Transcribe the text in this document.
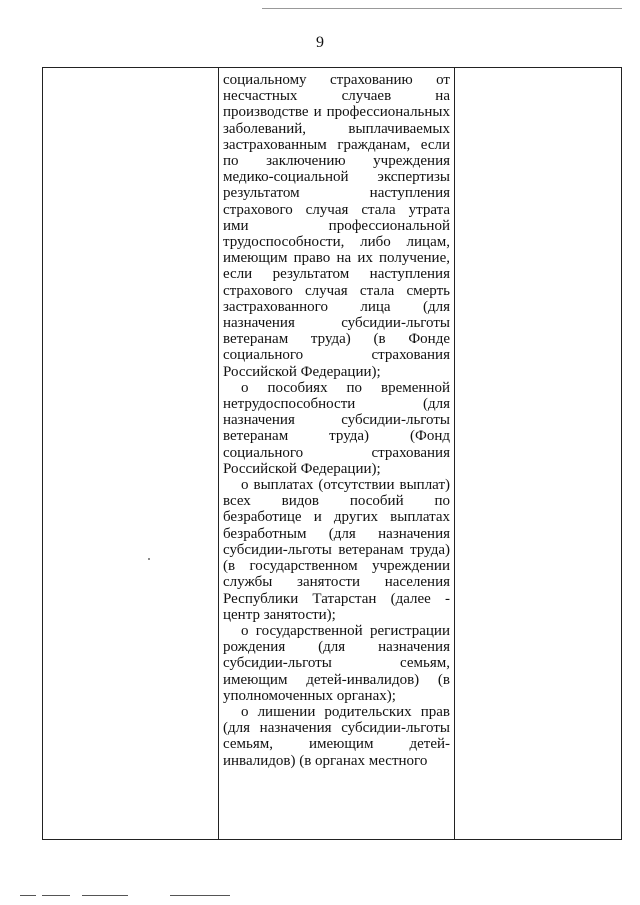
9

социальному страхованию от несчастных случаев на производстве и профессиональных заболеваний, выплачиваемых застрахованным гражданам, если по заключению учреждения медико-социальной экспертизы результатом наступления страхового случая стала утрата ими профессиональной трудоспособности, либо лицам, имеющим право на их получение, если результатом наступления страхового случая стала смерть застрахованного лица (для назначения субсидии-льготы ветеранам труда) (в Фонде социального страхования Российской Федерации);

о пособиях по временной нетрудоспособности (для назначения субсидии-льготы ветеранам труда) (Фонд социального страхования Российской Федерации);

о выплатах (отсутствии выплат) всех видов пособий по безработице и других выплатах безработным (для назначения субсидии-льготы ветеранам труда) (в государственном учреждении службы занятости населения Республики Татарстан (далее - центр занятости);

о государственной регистрации рождения (для назначения субсидии-льготы семьям, имеющим детей-инвалидов) (в уполномоченных органах);

о лишении родительских прав (для назначения субсидии-льготы семьям, имеющим детей-инвалидов) (в органах местного
